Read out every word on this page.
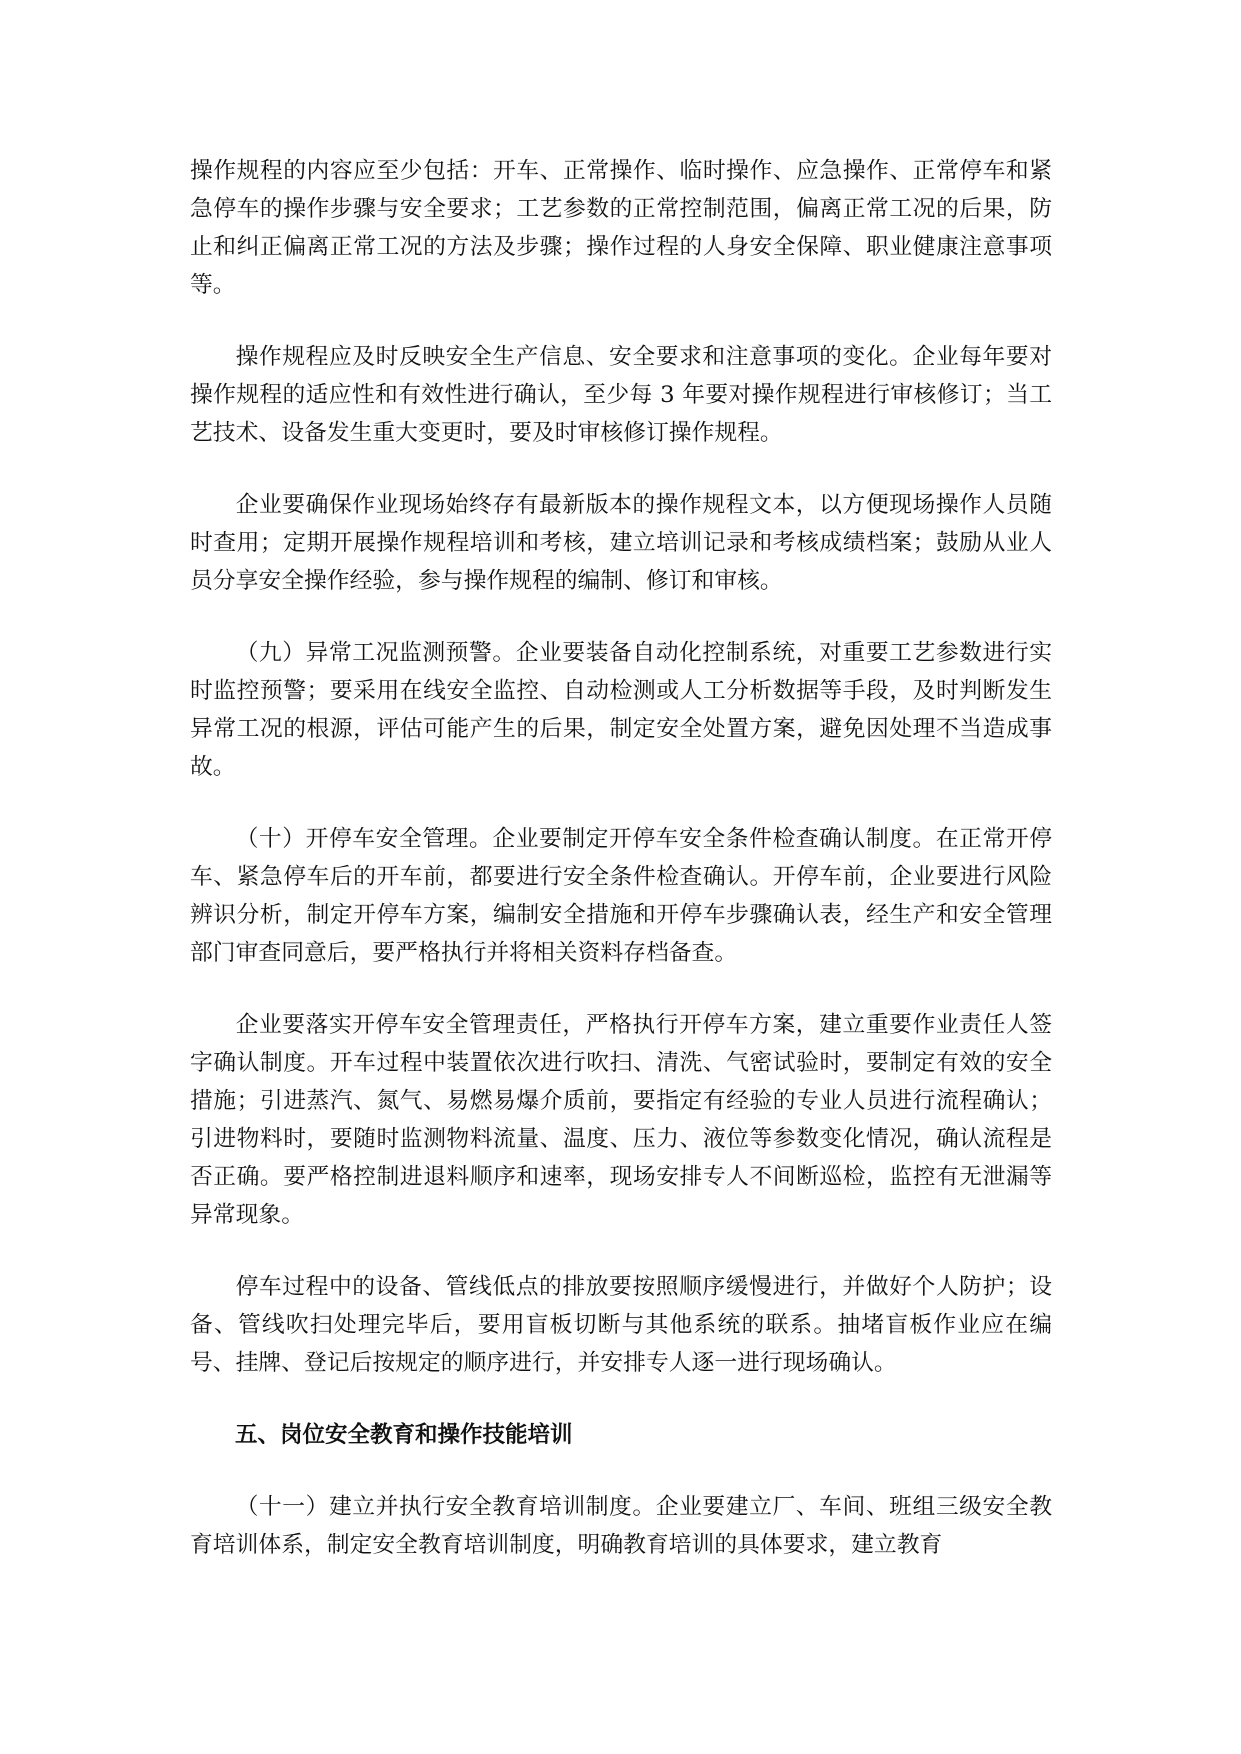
操作规程的内容应至少包括：开车、正常操作、临时操作、应急操作、正常停车和紧急停车的操作步骤与安全要求；工艺参数的正常控制范围，偏离正常工况的后果，防止和纠正偏离正常工况的方法及步骤；操作过程的人身安全保障、职业健康注意事项等。

操作规程应及时反映安全生产信息、安全要求和注意事项的变化。企业每年要对操作规程的适应性和有效性进行确认，至少每 3 年要对操作规程进行审核修订；当工艺技术、设备发生重大变更时，要及时审核修订操作规程。

企业要确保作业现场始终存有最新版本的操作规程文本，以方便现场操作人员随时查用；定期开展操作规程培训和考核，建立培训记录和考核成绩档案；鼓励从业人员分享安全操作经验，参与操作规程的编制、修订和审核。

（九）异常工况监测预警。企业要装备自动化控制系统，对重要工艺参数进行实时监控预警；要采用在线安全监控、自动检测或人工分析数据等手段，及时判断发生异常工况的根源，评估可能产生的后果，制定安全处置方案，避免因处理不当造成事故。

（十）开停车安全管理。企业要制定开停车安全条件检查确认制度。在正常开停车、紧急停车后的开车前，都要进行安全条件检查确认。开停车前，企业要进行风险辨识分析，制定开停车方案，编制安全措施和开停车步骤确认表，经生产和安全管理部门审查同意后，要严格执行并将相关资料存档备查。

企业要落实开停车安全管理责任，严格执行开停车方案，建立重要作业责任人签字确认制度。开车过程中装置依次进行吹扫、清洗、气密试验时，要制定有效的安全措施；引进蒸汽、氮气、易燃易爆介质前，要指定有经验的专业人员进行流程确认；引进物料时，要随时监测物料流量、温度、压力、液位等参数变化情况，确认流程是否正确。要严格控制进退料顺序和速率，现场安排专人不间断巡检，监控有无泄漏等异常现象。

停车过程中的设备、管线低点的排放要按照顺序缓慢进行，并做好个人防护；设备、管线吹扫处理完毕后，要用盲板切断与其他系统的联系。抽堵盲板作业应在编号、挂牌、登记后按规定的顺序进行，并安排专人逐一进行现场确认。

五、岗位安全教育和操作技能培训

（十一）建立并执行安全教育培训制度。企业要建立厂、车间、班组三级安全教育培训体系，制定安全教育培训制度，明确教育培训的具体要求，建立教育
